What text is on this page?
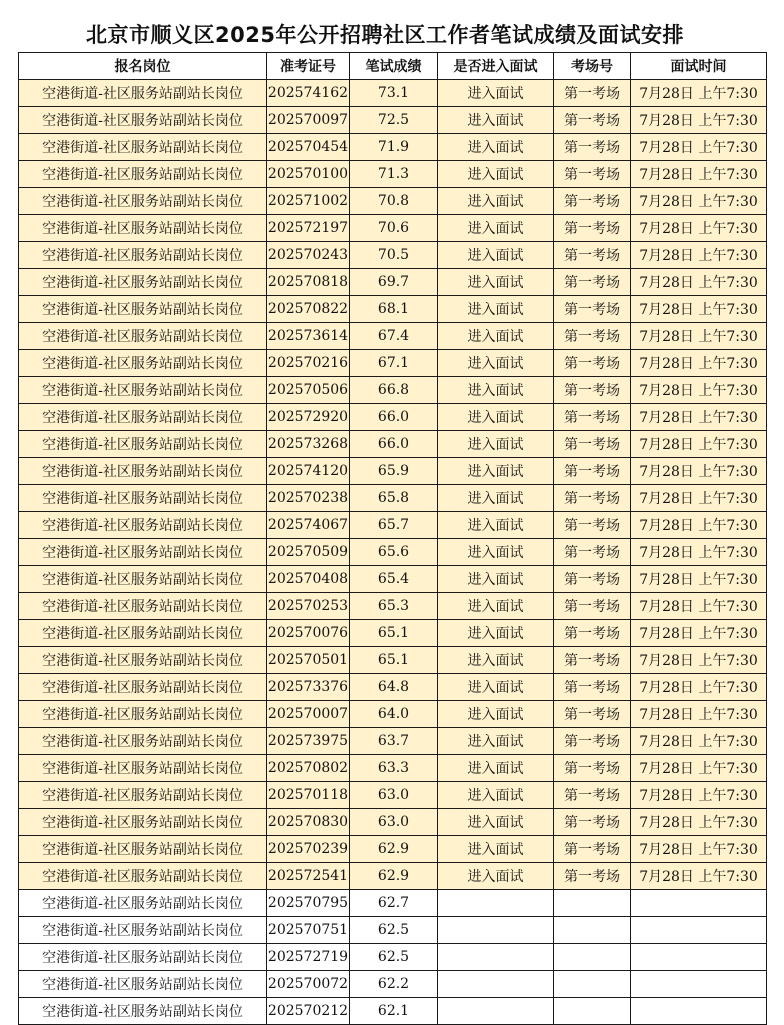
北京市顺义区2025年公开招聘社区工作者笔试成绩及面试安排
报名岗位	准考证号	笔试成绩	是否进入面试	考场号	面试时间
空港街道-社区服务站副站长岗位	202574162	73.1	进入面试	第一考场	7月28日 上午7:30
空港街道-社区服务站副站长岗位	202570097	72.5	进入面试	第一考场	7月28日 上午7:30
空港街道-社区服务站副站长岗位	202570454	71.9	进入面试	第一考场	7月28日 上午7:30
空港街道-社区服务站副站长岗位	202570100	71.3	进入面试	第一考场	7月28日 上午7:30
空港街道-社区服务站副站长岗位	202571002	70.8	进入面试	第一考场	7月28日 上午7:30
空港街道-社区服务站副站长岗位	202572197	70.6	进入面试	第一考场	7月28日 上午7:30
空港街道-社区服务站副站长岗位	202570243	70.5	进入面试	第一考场	7月28日 上午7:30
空港街道-社区服务站副站长岗位	202570818	69.7	进入面试	第一考场	7月28日 上午7:30
空港街道-社区服务站副站长岗位	202570822	68.1	进入面试	第一考场	7月28日 上午7:30
空港街道-社区服务站副站长岗位	202573614	67.4	进入面试	第一考场	7月28日 上午7:30
空港街道-社区服务站副站长岗位	202570216	67.1	进入面试	第一考场	7月28日 上午7:30
空港街道-社区服务站副站长岗位	202570506	66.8	进入面试	第一考场	7月28日 上午7:30
空港街道-社区服务站副站长岗位	202572920	66.0	进入面试	第一考场	7月28日 上午7:30
空港街道-社区服务站副站长岗位	202573268	66.0	进入面试	第一考场	7月28日 上午7:30
空港街道-社区服务站副站长岗位	202574120	65.9	进入面试	第一考场	7月28日 上午7:30
空港街道-社区服务站副站长岗位	202570238	65.8	进入面试	第一考场	7月28日 上午7:30
空港街道-社区服务站副站长岗位	202574067	65.7	进入面试	第一考场	7月28日 上午7:30
空港街道-社区服务站副站长岗位	202570509	65.6	进入面试	第一考场	7月28日 上午7:30
空港街道-社区服务站副站长岗位	202570408	65.4	进入面试	第一考场	7月28日 上午7:30
空港街道-社区服务站副站长岗位	202570253	65.3	进入面试	第一考场	7月28日 上午7:30
空港街道-社区服务站副站长岗位	202570076	65.1	进入面试	第一考场	7月28日 上午7:30
空港街道-社区服务站副站长岗位	202570501	65.1	进入面试	第一考场	7月28日 上午7:30
空港街道-社区服务站副站长岗位	202573376	64.8	进入面试	第一考场	7月28日 上午7:30
空港街道-社区服务站副站长岗位	202570007	64.0	进入面试	第一考场	7月28日 上午7:30
空港街道-社区服务站副站长岗位	202573975	63.7	进入面试	第一考场	7月28日 上午7:30
空港街道-社区服务站副站长岗位	202570802	63.3	进入面试	第一考场	7月28日 上午7:30
空港街道-社区服务站副站长岗位	202570118	63.0	进入面试	第一考场	7月28日 上午7:30
空港街道-社区服务站副站长岗位	202570830	63.0	进入面试	第一考场	7月28日 上午7:30
空港街道-社区服务站副站长岗位	202570239	62.9	进入面试	第一考场	7月28日 上午7:30
空港街道-社区服务站副站长岗位	202572541	62.9	进入面试	第一考场	7月28日 上午7:30
空港街道-社区服务站副站长岗位	202570795	62.7			
空港街道-社区服务站副站长岗位	202570751	62.5			
空港街道-社区服务站副站长岗位	202572719	62.5			
空港街道-社区服务站副站长岗位	202570072	62.2			
空港街道-社区服务站副站长岗位	202570212	62.1			
